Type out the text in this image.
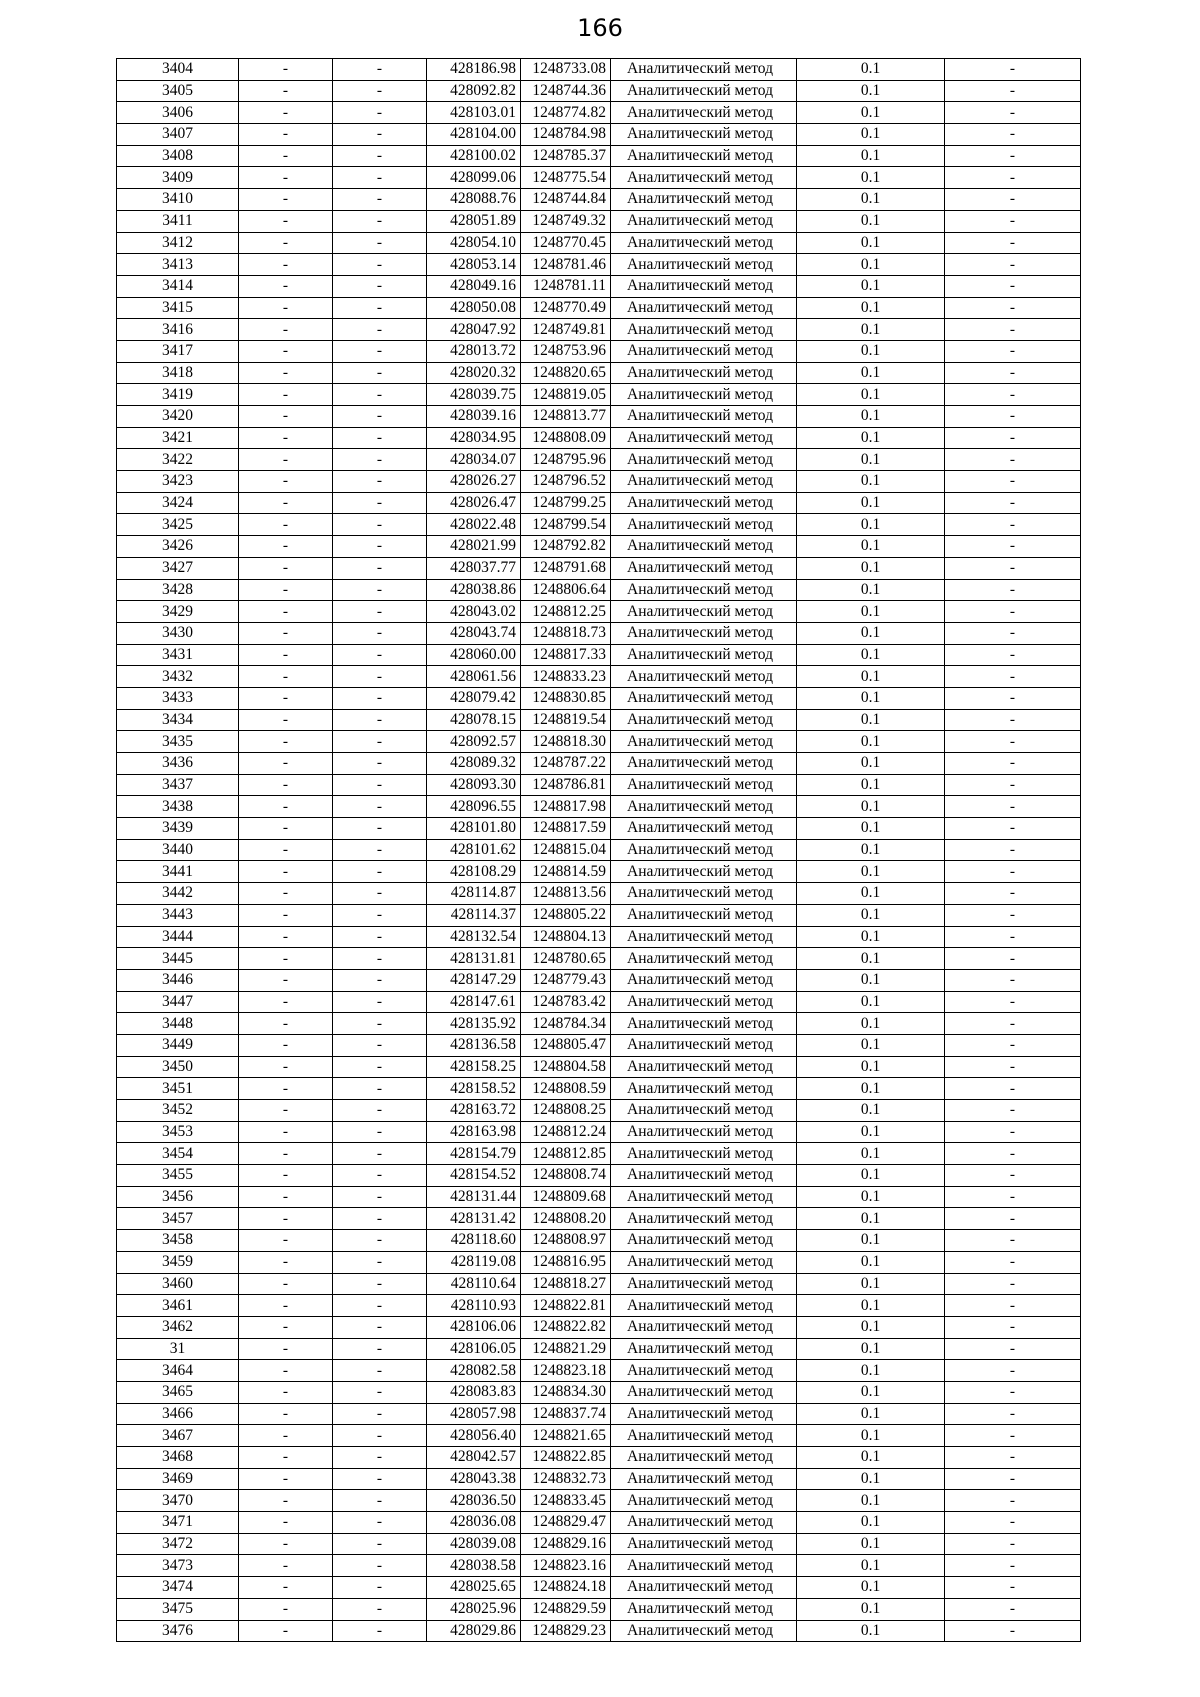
166
3404	-	-	428186.98	1248733.08	Аналитический метод	0.1	-
3405	-	-	428092.82	1248744.36	Аналитический метод	0.1	-
3406	-	-	428103.01	1248774.82	Аналитический метод	0.1	-
3407	-	-	428104.00	1248784.98	Аналитический метод	0.1	-
3408	-	-	428100.02	1248785.37	Аналитический метод	0.1	-
3409	-	-	428099.06	1248775.54	Аналитический метод	0.1	-
3410	-	-	428088.76	1248744.84	Аналитический метод	0.1	-
3411	-	-	428051.89	1248749.32	Аналитический метод	0.1	-
3412	-	-	428054.10	1248770.45	Аналитический метод	0.1	-
3413	-	-	428053.14	1248781.46	Аналитический метод	0.1	-
3414	-	-	428049.16	1248781.11	Аналитический метод	0.1	-
3415	-	-	428050.08	1248770.49	Аналитический метод	0.1	-
3416	-	-	428047.92	1248749.81	Аналитический метод	0.1	-
3417	-	-	428013.72	1248753.96	Аналитический метод	0.1	-
3418	-	-	428020.32	1248820.65	Аналитический метод	0.1	-
3419	-	-	428039.75	1248819.05	Аналитический метод	0.1	-
3420	-	-	428039.16	1248813.77	Аналитический метод	0.1	-
3421	-	-	428034.95	1248808.09	Аналитический метод	0.1	-
3422	-	-	428034.07	1248795.96	Аналитический метод	0.1	-
3423	-	-	428026.27	1248796.52	Аналитический метод	0.1	-
3424	-	-	428026.47	1248799.25	Аналитический метод	0.1	-
3425	-	-	428022.48	1248799.54	Аналитический метод	0.1	-
3426	-	-	428021.99	1248792.82	Аналитический метод	0.1	-
3427	-	-	428037.77	1248791.68	Аналитический метод	0.1	-
3428	-	-	428038.86	1248806.64	Аналитический метод	0.1	-
3429	-	-	428043.02	1248812.25	Аналитический метод	0.1	-
3430	-	-	428043.74	1248818.73	Аналитический метод	0.1	-
3431	-	-	428060.00	1248817.33	Аналитический метод	0.1	-
3432	-	-	428061.56	1248833.23	Аналитический метод	0.1	-
3433	-	-	428079.42	1248830.85	Аналитический метод	0.1	-
3434	-	-	428078.15	1248819.54	Аналитический метод	0.1	-
3435	-	-	428092.57	1248818.30	Аналитический метод	0.1	-
3436	-	-	428089.32	1248787.22	Аналитический метод	0.1	-
3437	-	-	428093.30	1248786.81	Аналитический метод	0.1	-
3438	-	-	428096.55	1248817.98	Аналитический метод	0.1	-
3439	-	-	428101.80	1248817.59	Аналитический метод	0.1	-
3440	-	-	428101.62	1248815.04	Аналитический метод	0.1	-
3441	-	-	428108.29	1248814.59	Аналитический метод	0.1	-
3442	-	-	428114.87	1248813.56	Аналитический метод	0.1	-
3443	-	-	428114.37	1248805.22	Аналитический метод	0.1	-
3444	-	-	428132.54	1248804.13	Аналитический метод	0.1	-
3445	-	-	428131.81	1248780.65	Аналитический метод	0.1	-
3446	-	-	428147.29	1248779.43	Аналитический метод	0.1	-
3447	-	-	428147.61	1248783.42	Аналитический метод	0.1	-
3448	-	-	428135.92	1248784.34	Аналитический метод	0.1	-
3449	-	-	428136.58	1248805.47	Аналитический метод	0.1	-
3450	-	-	428158.25	1248804.58	Аналитический метод	0.1	-
3451	-	-	428158.52	1248808.59	Аналитический метод	0.1	-
3452	-	-	428163.72	1248808.25	Аналитический метод	0.1	-
3453	-	-	428163.98	1248812.24	Аналитический метод	0.1	-
3454	-	-	428154.79	1248812.85	Аналитический метод	0.1	-
3455	-	-	428154.52	1248808.74	Аналитический метод	0.1	-
3456	-	-	428131.44	1248809.68	Аналитический метод	0.1	-
3457	-	-	428131.42	1248808.20	Аналитический метод	0.1	-
3458	-	-	428118.60	1248808.97	Аналитический метод	0.1	-
3459	-	-	428119.08	1248816.95	Аналитический метод	0.1	-
3460	-	-	428110.64	1248818.27	Аналитический метод	0.1	-
3461	-	-	428110.93	1248822.81	Аналитический метод	0.1	-
3462	-	-	428106.06	1248822.82	Аналитический метод	0.1	-
31	-	-	428106.05	1248821.29	Аналитический метод	0.1	-
3464	-	-	428082.58	1248823.18	Аналитический метод	0.1	-
3465	-	-	428083.83	1248834.30	Аналитический метод	0.1	-
3466	-	-	428057.98	1248837.74	Аналитический метод	0.1	-
3467	-	-	428056.40	1248821.65	Аналитический метод	0.1	-
3468	-	-	428042.57	1248822.85	Аналитический метод	0.1	-
3469	-	-	428043.38	1248832.73	Аналитический метод	0.1	-
3470	-	-	428036.50	1248833.45	Аналитический метод	0.1	-
3471	-	-	428036.08	1248829.47	Аналитический метод	0.1	-
3472	-	-	428039.08	1248829.16	Аналитический метод	0.1	-
3473	-	-	428038.58	1248823.16	Аналитический метод	0.1	-
3474	-	-	428025.65	1248824.18	Аналитический метод	0.1	-
3475	-	-	428025.96	1248829.59	Аналитический метод	0.1	-
3476	-	-	428029.86	1248829.23	Аналитический метод	0.1	-
